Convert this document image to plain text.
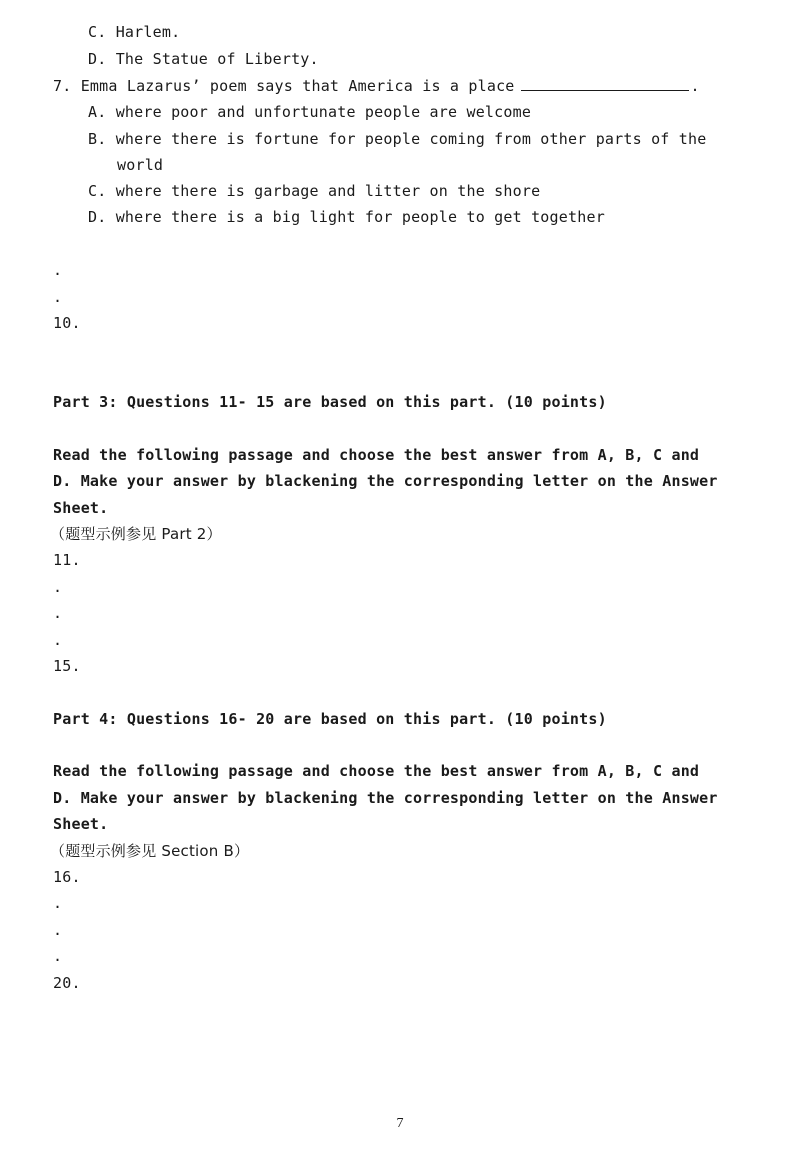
C. Harlem.
D. The Statue of Liberty.
7. Emma Lazarus’ poem says that America is a place	.
A. where poor and unfortunate people are welcome
B. where there is fortune for people coming from other parts of the
world
C. where there is garbage and litter on the shore
D. where there is a big light for people to get together
.
.
10.
Part 3: Questions 11- 15 are based on this part. (10 points)
Read the following passage and choose the best answer from A, B, C and
D. Make your answer by blackening the corresponding letter on the Answer
Sheet.
（题型示例参见 Part 2）
11.
.
.
.
15.
Part 4: Questions 16- 20 are based on this part. (10 points)
Read the following passage and choose the best answer from A, B, C and
D. Make your answer by blackening the corresponding letter on the Answer
Sheet.
（题型示例参见 Section B）
16.
.
.
.
20.
7
